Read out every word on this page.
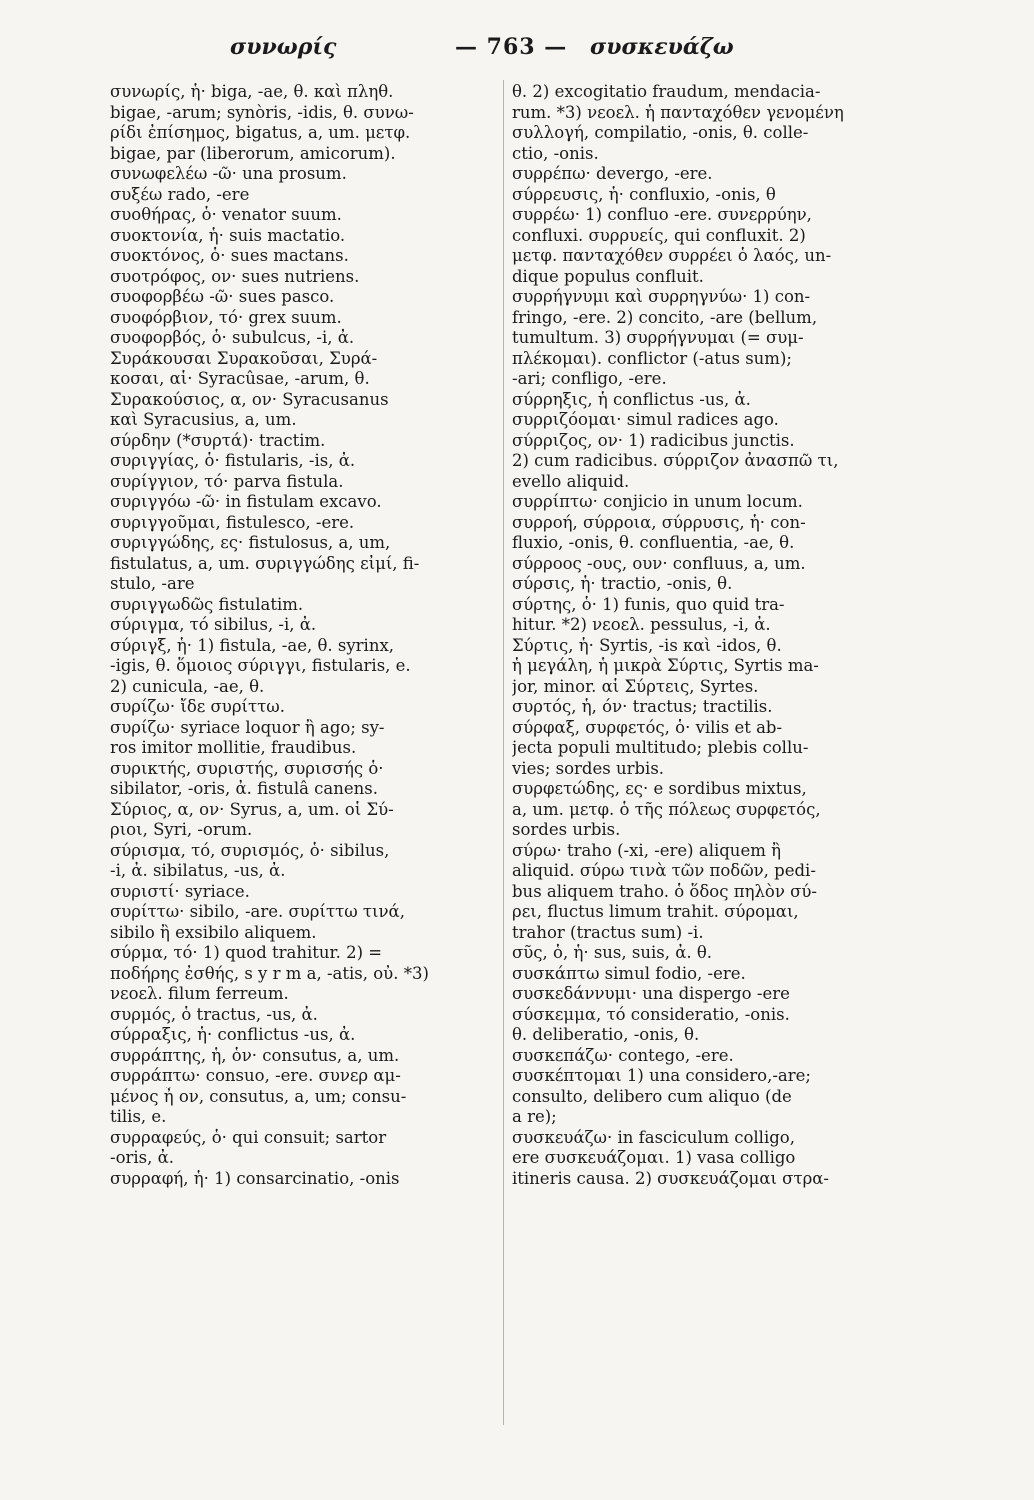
συνωρίς	— 763 — συσκευάζω
συνωρίς, ἡ· biga, -ae, θ. καὶ πληθ.
bigae, -arum; synòris, -idis, θ. συνω-
ρίδι ἐπίσημος, bigatus, a, um. μετφ.
bigae, par (liberorum, amicorum).
συνωφελέω -ῶ· una prosum.
συξέω rado, -ere
συοθήρας, ὁ· venator suum.
συοκτονία, ἡ· suis mactatio.
συοκτόνος, ὁ· sues mactans.
συοτρόφος, ον· sues nutriens.
συοφορβέω -ῶ· sues pasco.
συοφόρβιον, τό· grex suum.
συοφορβός, ὁ· subulcus, -i, ἀ.
Συράκουσαι Συρακοῦσαι, Συρά-
κοσαι, αἱ· Syracûsae, -arum, θ.
Συρακούσιος, α, ον· Syracusanus
καὶ Syracusius, a, um.
σύρδην (*συρτά)· tractim.
συριγγίας, ὁ· fistularis, -is, ἀ.
συρίγγιον, τό· parva fistula.
συριγγόω -ῶ· in fistulam excavo.
συριγγοῦμαι, fistulesco, -ere.
συριγγώδης, ες· fistulosus, a, um,
fistulatus, a, um. συριγγώδης εἰμί, fi-
stulo, -are
συριγγωδῶς fistulatim.
σύριγμα, τό sibilus, -i, ἀ.
σύριγξ, ἡ· 1) fistula, -ae, θ. syrinx,
-igis, θ. ὅμοιος σύριγγι, fistularis, e.
2) cunicula, -ae, θ.
συρίζω· ἴδε συρίττω.
συρίζω· syriace loquor ἢ ago; sy-
ros imitor mollitie, fraudibus.
συρικτής, συριστής, συρισσής ὁ·
sibilator, -oris, ἀ. fistulâ canens.
Σύριος, α, ον· Syrus, a, um. οἱ Σύ-
ριοι, Syri, -orum.
σύρισμα, τό, συρισμός, ὁ· sibilus,
-i, ἀ. sibilatus, -us, ἀ.
συριστί· syriace.
συρίττω· sibilo, -are. συρίττω τινά,
sibilo ἢ exsibilo aliquem.
σύρμα, τό· 1) quod trahitur. 2) =
ποδήρης ἐσθής, s y r m a, -atis, οὐ. *3)
νεοελ. filum ferreum.
συρμός, ὁ tractus, -us, ἀ.
σύρραξις, ἡ· conflictus -us, ἀ.
συρράπτης, ἡ, ὁν· consutus, a, um.
συρράπτω· consuo, -ere. συνερ αμ-
μένος ἦ ον, consutus, a, um; consu-
tilis, e.
συρραφεύς, ὁ· qui consuit; sartor
-oris, ἀ.
συρραφή, ἡ· 1) consarcinatio, -onis
θ. 2) excogitatio fraudum, mendacia-
rum. *3) νεοελ. ἡ πανταχόθεν γενομένη
συλλογή, compilatio, -onis, θ. colle-
ctio, -onis.
συρρέπω· devergo, -ere.
σύρρευσις, ἡ· confluxio, -onis, θ
συρρέω· 1) confluo -ere. συνερρύην,
confluxi. συρρυείς, qui confluxit. 2)
μετφ. πανταχόθεν συρρέει ὁ λαός, un-
dique populus confluit.
συρρήγνυμι καὶ συρρηγνύω· 1) con-
fringo, -ere. 2) concito, -are (bellum,
tumultum. 3) συρρήγνυμαι (= συμ-
πλέκομαι). conflictor (-atus sum);
-ari; confligo, -ere.
σύρρηξις, ἡ conflictus -us, ἀ.
συρριζόομαι· simul radices ago.
σύρριζος, ον· 1) radicibus junctis.
2) cum radicibus. σύρριζον ἀνασπῶ τι,
evello aliquid.
συρρίπτω· conjicio in unum locum.
συρροή, σύρροια, σύρρυσις, ἡ· con-
fluxio, -onis, θ. confluentia, -ae, θ.
σύρροος -ους, ουν· confluus, a, um.
σύρσις, ἡ· tractio, -onis, θ.
σύρτης, ὁ· 1) funis, quo quid tra-
hitur. *2) νεοελ. pessulus, -i, ἀ.
Σύρτις, ἡ· Syrtis, -is καὶ -idos, θ.
ἡ μεγάλη, ἡ μικρὰ Σύρτις, Syrtis ma-
jor, minor. αἱ Σύρτεις, Syrtes.
συρτός, ἡ, όν· tractus; tractilis.
σύρφαξ, συρφετός, ὁ· vilis et ab-
jecta populi multitudo; plebis collu-
vies; sordes urbis.
συρφετώδης, ες· e sordibus mixtus,
a, um. μετφ. ὁ τῆς πόλεως συρφετός,
sordes urbis.
σύρω· traho (-xi, -ere) aliquem ἢ
aliquid. σύρω τινὰ τῶν ποδῶν, pedi-
bus aliquem traho. ὁ ὅδος πηλὸν σύ-
ρει, fluctus limum trahit. σύρομαι,
trahor (tractus sum) -i.
σῦς, ὁ, ἡ· sus, suis, ἀ. θ.
συσκάπτω simul fodio, -ere.
συσκεδάννυμι· una dispergo -ere
σύσκεμμα, τό consideratio, -onis.
θ. deliberatio, -onis, θ.
συσκεπάζω· contego, -ere.
συσκέπτομαι 1) una considero,-are;
consulto, delibero cum aliquo (de
a re);
συσκευάζω· in fasciculum colligo,
ere συσκευάζομαι. 1) vasa colligo
itineris causa. 2) συσκευάζομαι στρα-
